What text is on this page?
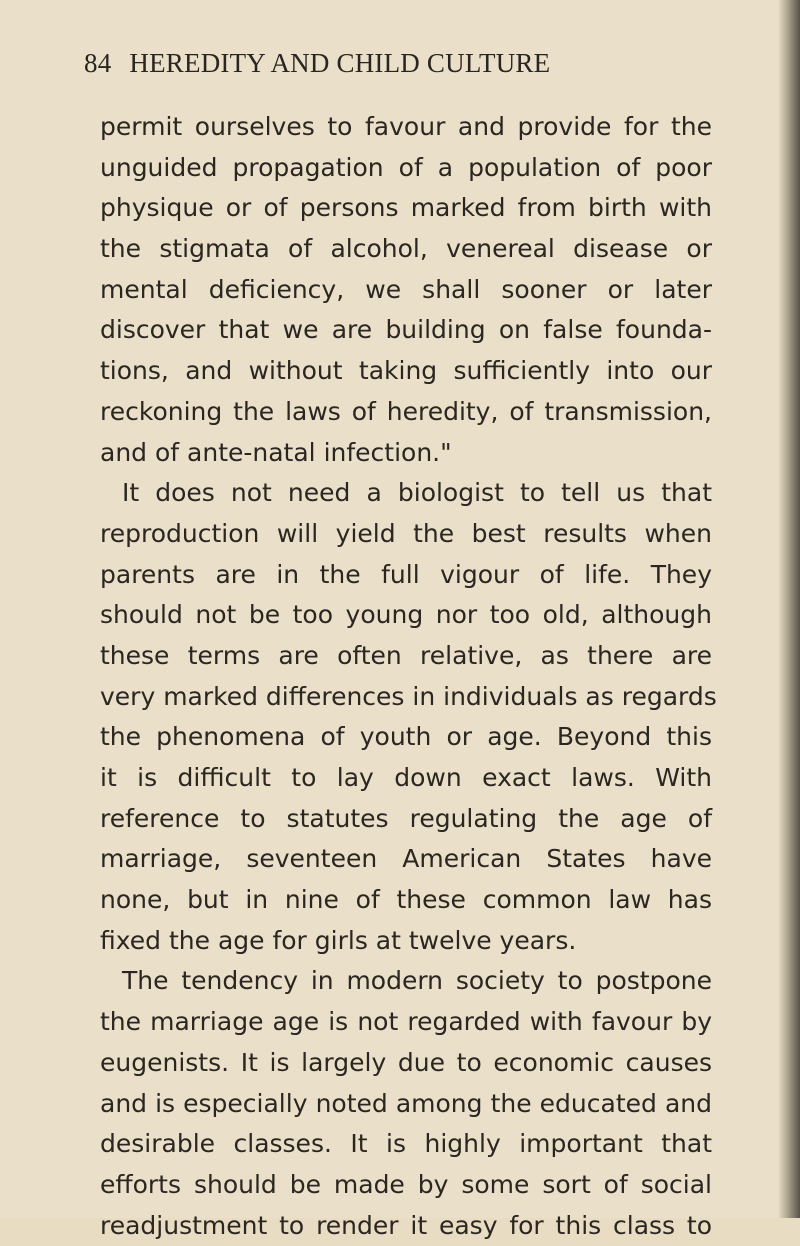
84 HEREDITY AND CHILD CULTURE
permit ourselves to favour and provide for the
unguided propagation of a population of poor
physique or of persons marked from birth with
the stigmata of alcohol, venereal disease or
mental deficiency, we shall sooner or later
discover that we are building on false founda-
tions, and without taking sufficiently into our
reckoning the laws of heredity, of transmission,
and of ante-natal infection."
It does not need a biologist to tell us that
reproduction will yield the best results when
parents are in the full vigour of life. They
should not be too young nor too old, although
these terms are often relative, as there are
very marked differences in individuals as regards
the phenomena of youth or age. Beyond this
it is difficult to lay down exact laws. With
reference to statutes regulating the age of
marriage, seventeen American States have
none, but in nine of these common law has
fixed the age for girls at twelve years.
The tendency in modern society to postpone
the marriage age is not regarded with favour by
eugenists. It is largely due to economic causes
and is especially noted among the educated and
desirable classes. It is highly important that
efforts should be made by some sort of social
readjustment to render it easy for this class to
